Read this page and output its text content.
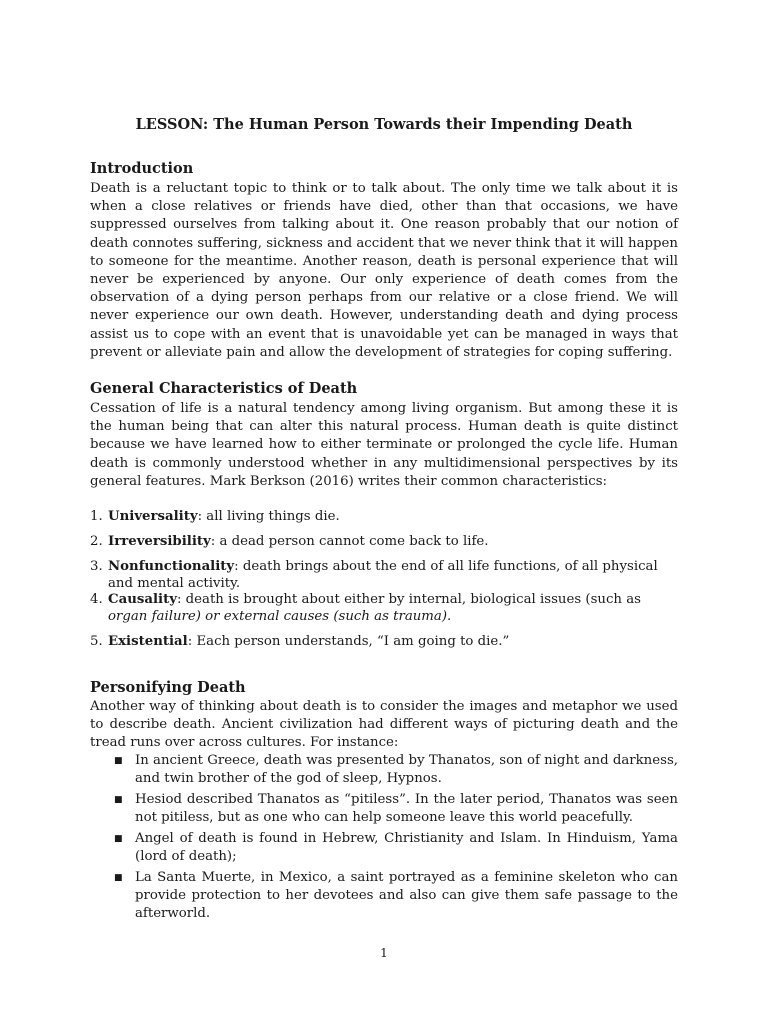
LESSON: The Human Person Towards their Impending Death
Introduction

Death is a reluctant topic to think or to talk about. The only time we talk about it is when a close relatives or friends have died, other than that occasions, we have suppressed ourselves from talking about it. One reason probably that our notion of death connotes suffering, sickness and accident that we never think that it will happen to someone for the meantime. Another reason, death is personal experience that will never be experienced by anyone. Our only experience of death comes from the observation of a dying person perhaps from our relative or a close friend. We will never experience our own death. However, understanding death and dying process assist us to cope with an event that is unavoidable yet can be managed in ways that prevent or alleviate pain and allow the development of strategies for coping suffering.

General Characteristics of Death

Cessation of life is a natural tendency among living organism. But among these it is the human being that can alter this natural process. Human death is quite distinct because we have learned how to either terminate or prolonged the cycle life. Human death is commonly understood whether in any multidimensional perspectives by its general features. Mark Berkson (2016) writes their common characteristics:

1. Universality: all living things die.
2. Irreversibility: a dead person cannot come back to life.
3. Nonfunctionality: death brings about the end of all life functions, of all physical
and mental activity.
4. Causality: death is brought about either by internal, biological issues (such as
organ failure) or external causes (such as trauma).
5. Existential: Each person understands, “I am going to die.”
Personifying Death

Another way of thinking about death is to consider the images and metaphor we used to describe death. Ancient civilization had different ways of picturing death and the tread runs over across cultures. For instance:

■ In ancient Greece, death was presented by Thanatos, son of night and darkness, and twin brother of the god of sleep, Hypnos.
■ Hesiod described Thanatos as “pitiless”. In the later period, Thanatos was seen not pitiless, but as one who can help someone leave this world peacefully.
■ Angel of death is found in Hebrew, Christianity and Islam. In Hinduism, Yama (lord of death);
■ La Santa Muerte, in Mexico, a saint portrayed as a feminine skeleton who can provide protection to her devotees and also can give them safe passage to the afterworld.
1
